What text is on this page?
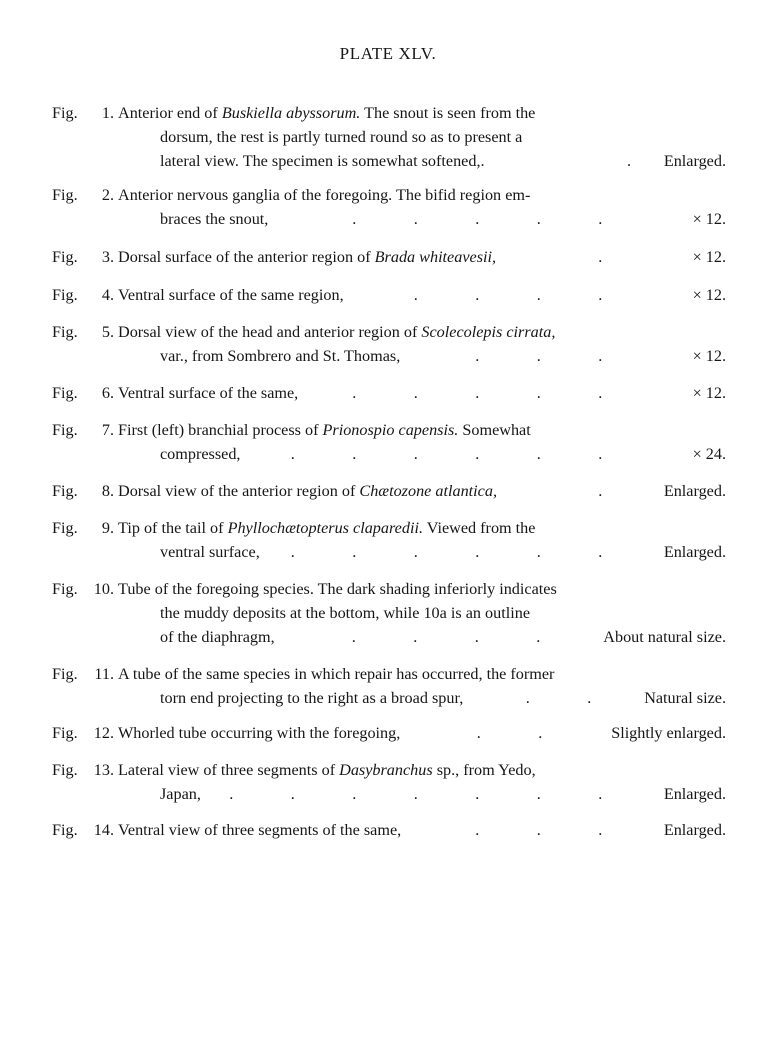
PLATE XLV.
Fig.	1. Anterior end of Buskiella abyssorum. The snout is seen from the
dorsum, the rest is partly turned round so as to present a
lateral view. The specimen is somewhat softened,.	. Enlarged.
Fig.	2. Anterior nervous ganglia of the foregoing. The bifid region em-
braces the snout,	.	.	.	.	.	× 12.
Fig.	3. Dorsal surface of the anterior region of Brada whiteavesii,	.	× 12.
Fig.	4. Ventral surface of the same region,	.	.	.	.	× 12.
Fig.	5. Dorsal view of the head and anterior region of Scolecolepis cirrata,
var., from Sombrero and St. Thomas,	.	.	.	× 12.
Fig.	6. Ventral surface of the same,	.	.	.	.	.	× 12.
Fig.	7. First (left) branchial process of Prionospio capensis. Somewhat
compressed,	.	.	.	.	.	.	× 24.
Fig.	8. Dorsal view of the anterior region of Chætozone atlantica,	.	Enlarged.
Fig.	9. Tip of the tail of Phyllochætopterus claparedii. Viewed from the
ventral surface,	.	.	.	.	.	.	Enlarged.
Fig. 10. Tube of the foregoing species. The dark shading inferiorly indicates
the muddy deposits at the bottom, while 10a is an outline
of the diaphragm,	.	.	.	.	About natural size.
Fig. 11. A tube of the same species in which repair has occurred, the former
torn end projecting to the right as a broad spur,	.	.	Natural size.
Fig. 12. Whorled tube occurring with the foregoing,	.	.	Slightly enlarged.
Fig. 13. Lateral view of three segments of Dasybranchus sp., from Yedo,
Japan,	.	.	.	.	.	.	.	Enlarged.
Fig. 14. Ventral view of three segments of the same,	.	.	.	Enlarged.
